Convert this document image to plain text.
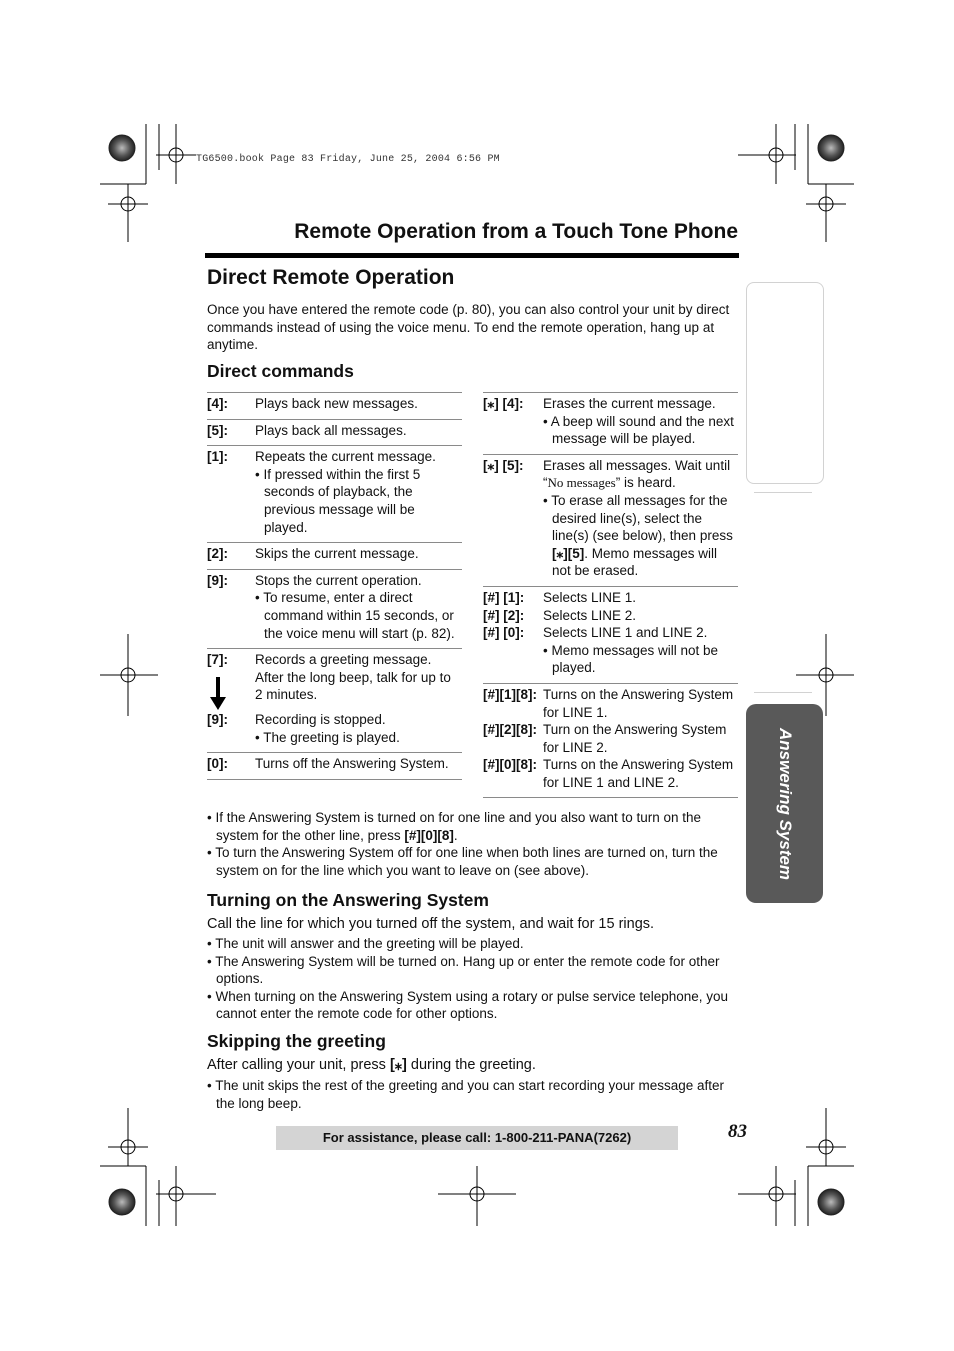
TG6500.book Page 83 Friday, June 25, 2004 6:56 PM
Remote Operation from a Touch Tone Phone
Direct Remote Operation
Once you have entered the remote code (p. 80), you can also control your unit by direct commands instead of using the voice menu. To end the remote operation, hang up at anytime.
Direct commands
[4]:	Plays back new messages.
[5]:	Plays back all messages.
[1]:	Repeats the current message.
• If pressed within the first 5 seconds of playback, the previous message will be played.
[2]:	Skips the current message.
[9]:	Stops the current operation.
• To resume, enter a direct command within 15 seconds, or the voice menu will start (p. 82).
[7]:	Records a greeting message. After the long beep, talk for up to 2 minutes.
[9]:	Recording is stopped.
• The greeting is played.
[0]:	Turns off the Answering System.
[⁎] [4]:	Erases the current message.
• A beep will sound and the next message will be played.
[⁎] [5]:	Erases all messages. Wait until “No messages” is heard.
• To erase all messages for the desired line(s), select the line(s) (see below), then press [⁎][5]. Memo messages will not be erased.
[#] [1]:	Selects LINE 1.
[#] [2]:	Selects LINE 2.
[#] [0]:	Selects LINE 1 and LINE 2.
• Memo messages will not be played.
[#][1][8]: Turns on the Answering System for LINE 1.
[#][2][8]: Turn on the Answering System for LINE 2.
[#][0][8]: Turns on the Answering System for LINE 1 and LINE 2.
• If the Answering System is turned on for one line and you also want to turn on the system for the other line, press [#][0][8].
• To turn the Answering System off for one line when both lines are turned on, turn the system on for the line which you want to leave on (see above).
Turning on the Answering System
Call the line for which you turned off the system, and wait for 15 rings.
• The unit will answer and the greeting will be played.
• The Answering System will be turned on. Hang up or enter the remote code for other options.
• When turning on the Answering System using a rotary or pulse service telephone, you cannot enter the remote code for other options.
Skipping the greeting
After calling your unit, press [⁎] during the greeting.
• The unit skips the rest of the greeting and you can start recording your message after the long beep.
For assistance, please call: 1-800-211-PANA(7262)	83
Answering System
